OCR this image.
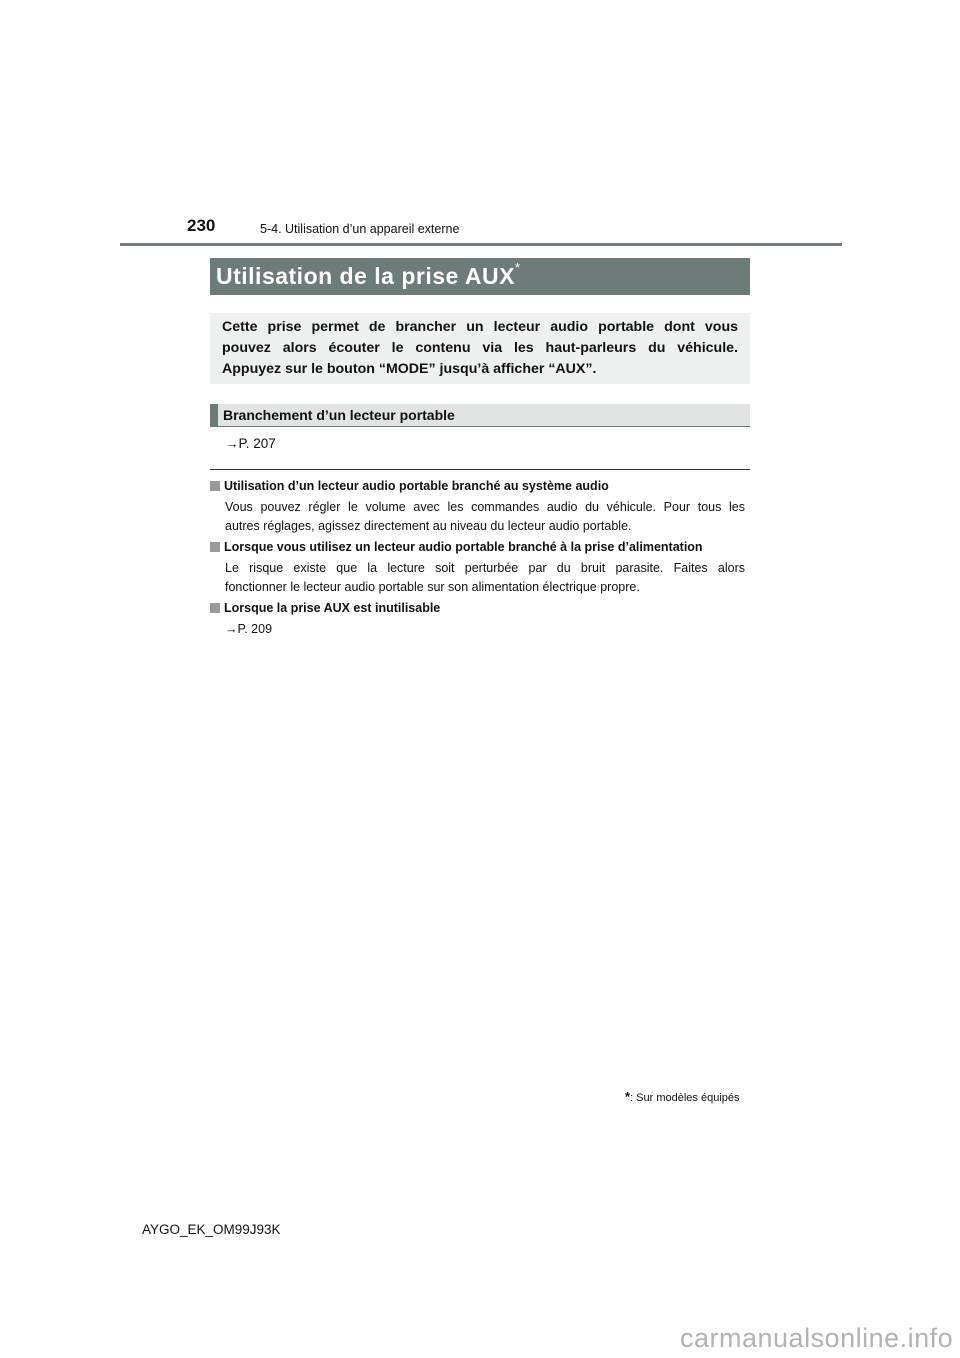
230	5-4. Utilisation d’un appareil externe
Utilisation de la prise AUX*
Cette prise permet de brancher un lecteur audio portable dont vous
pouvez alors écouter le contenu via les haut-parleurs du véhicule.
Appuyez sur le bouton “MODE” jusqu’à afficher “AUX”.
Branchement d’un lecteur portable
→P. 207
Utilisation d’un lecteur audio portable branché au système audio
Vous pouvez régler le volume avec les commandes audio du véhicule. Pour tous les
autres réglages, agissez directement au niveau du lecteur audio portable.
Lorsque vous utilisez un lecteur audio portable branché à la prise d’alimentation
Le risque existe que la lecture soit perturbée par du bruit parasite. Faites alors
fonctionner le lecteur audio portable sur son alimentation électrique propre.
Lorsque la prise AUX est inutilisable
→P. 209
*: Sur modèles équipés
AYGO_EK_OM99J93K
carmanualsonline.info
